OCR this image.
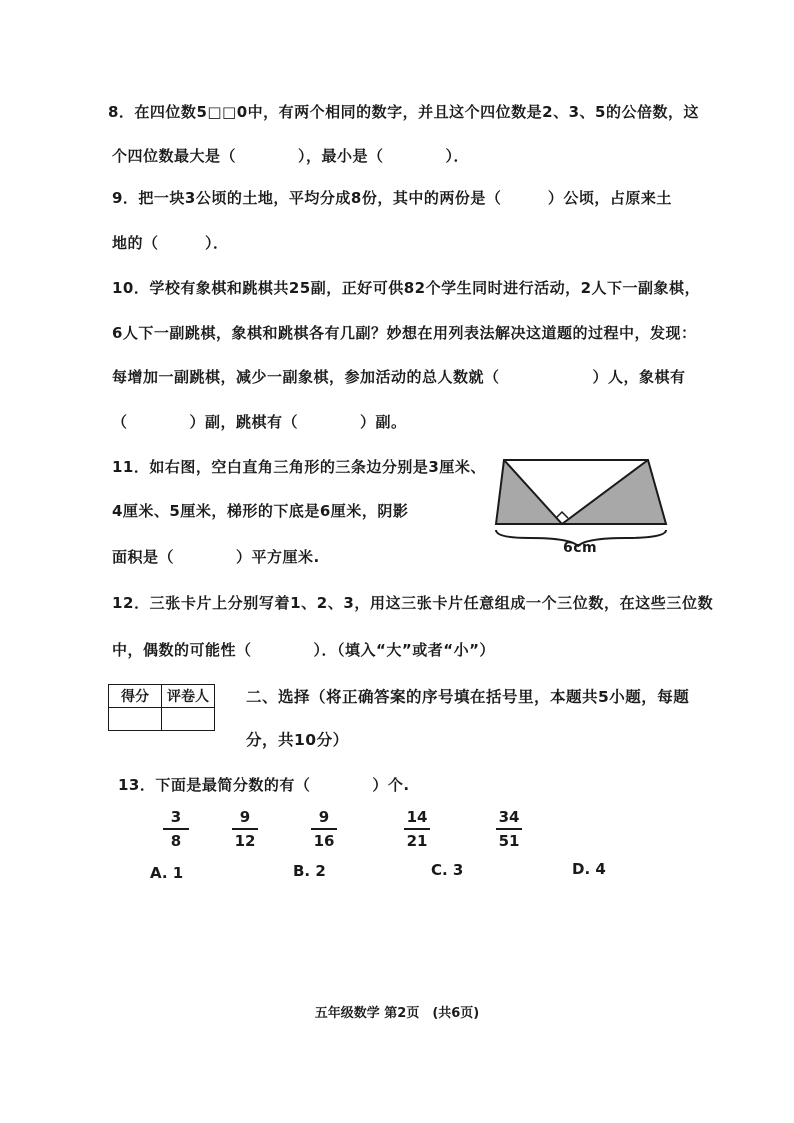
8．在四位数5□□0中，有两个相同的数字，并且这个四位数是2、3、5的公倍数，这
个四位数最大是（　　　　），最小是（　　　　）．
9．把一块3公顷的土地，平均分成8份，其中的两份是（　　　）公顷，占原来土
地的（　　　）．
10．学校有象棋和跳棋共25副，正好可供82个学生同时进行活动，2人下一副象棋，
6人下一副跳棋，象棋和跳棋各有几副？妙想在用列表法解决这道题的过程中，发现：
每增加一副跳棋，减少一副象棋，参加活动的总人数就（　　　　　　）人，象棋有
（　　　　）副，跳棋有（　　　　）副。
11．如右图，空白直角三角形的三条边分别是3厘米、
4厘米、5厘米，梯形的下底是6厘米，阴影
面积是（　　　　）平方厘米.	6cm
12．三张卡片上分别写着1、2、3，用这三张卡片任意组成一个三位数，在这些三位数
中，偶数的可能性（　　　　）．（填入“大”或者“小”）
得分	评卷人
	二、选择（将正确答案的序号填在括号里，本题共5小题，每题
分，共10分）
13．下面是最简分数的有（　　　　）个.
3
8
9
12
9
16
14
21
34
51
A. 1	B. 2	C. 3	D. 4
五年级数学 第2页　(共6页)
